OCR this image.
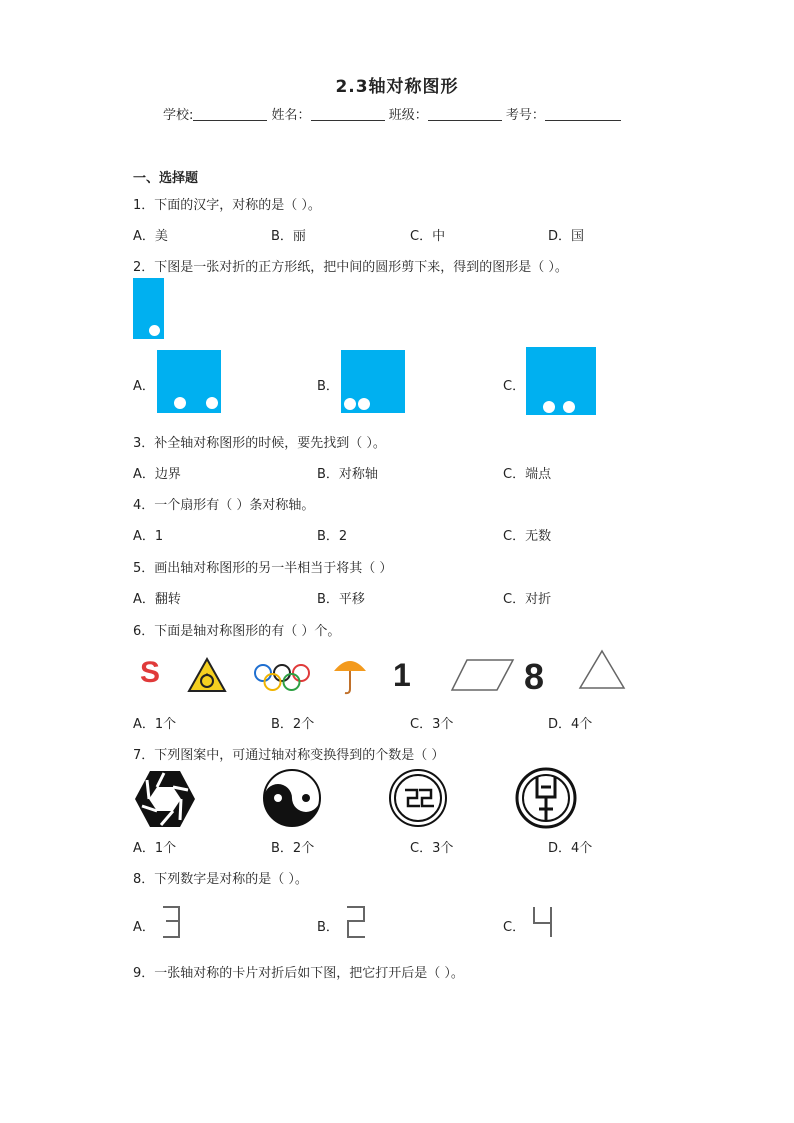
2.3轴对称图形
学校:	姓名：	班级：	考号：
一、选择题
1．下面的汉字，对称的是（ ）。
A．美	B．丽	C．中	D．国
2．下图是一张对折的正方形纸，把中间的圆形剪下来，得到的图形是（ ）。
A．	B．	C．
3．补全轴对称图形的时候，要先找到（ ）。
A．边界	B．对称轴	C．端点
4．一个扇形有（ ）条对称轴。
A．1	B．2	C．无数
5．画出轴对称图形的另一半相当于将其（ ）
A．翻转	B．平移	C．对折
6．下面是轴对称图形的有（ ）个。
S	1	8
A．1个	B．2个	C．3个	D．4个
7．下列图案中，可通过轴对称变换得到的个数是（ ）
A．1个	B．2个	C．3个	D．4个
8．下列数字是对称的是（ ）。
A．	B．	C．
9．一张轴对称的卡片对折后如下图，把它打开后是（ ）。
